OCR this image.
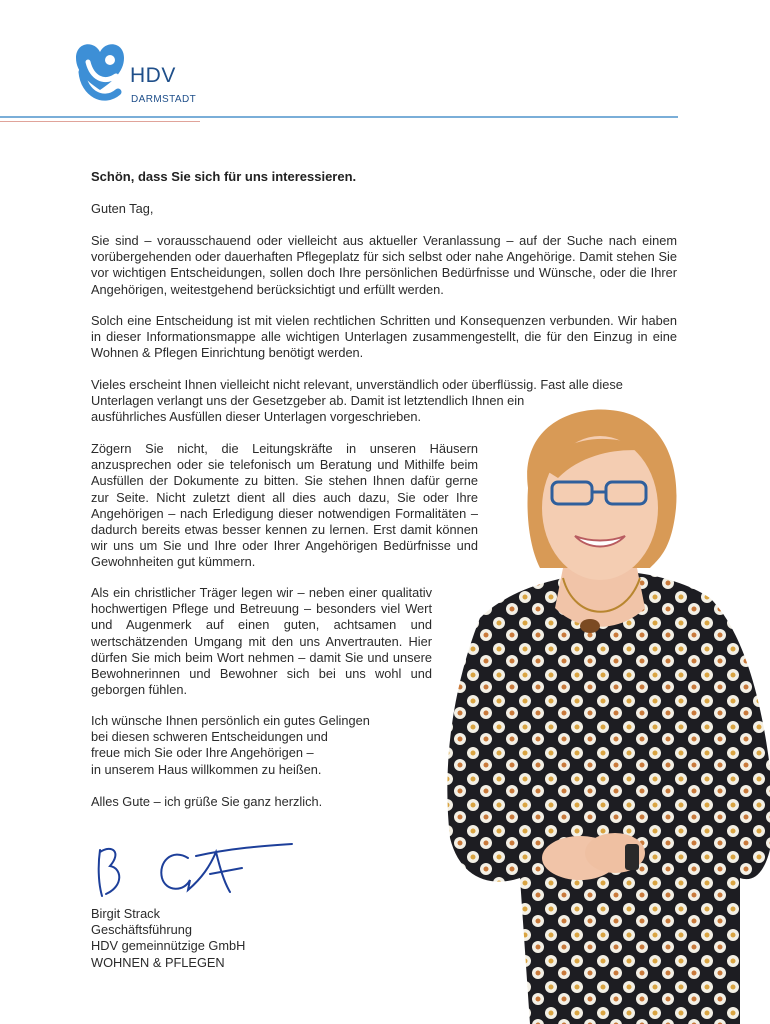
HDV
DARMSTADT
Schön, dass Sie sich für uns interessieren.
Guten Tag,

Sie sind – vorausschauend oder vielleicht aus aktueller Veranlassung – auf der Suche nach einem vorübergehenden oder dauerhaften Pflegeplatz für sich selbst oder nahe Angehörige. Damit stehen Sie vor wichtigen Entscheidungen, sollen doch Ihre persönlichen Bedürfnisse und Wünsche, oder die Ihrer Angehörigen, weitestgehend berücksichtigt und erfüllt werden.

Solch eine Entscheidung ist mit vielen rechtlichen Schritten und Konsequenzen verbunden. Wir haben in dieser Informationsmappe alle wichtigen Unterlagen zusammengestellt, die für den Einzug in eine Wohnen & Pflegen Einrichtung benötigt werden.

Vieles erscheint Ihnen vielleicht nicht relevant, unverständlich oder überflüssig. Fast alle diese
Unterlagen verlangt uns der Gesetzgeber ab. Damit ist letztendlich Ihnen ein ausführliches Ausfüllen dieser Unterlagen vorgeschrieben.

Zögern Sie nicht, die Leitungskräfte in unseren Häusern anzusprechen oder sie telefonisch um Beratung und Mithilfe beim Ausfüllen der Dokumente zu bitten. Sie stehen Ihnen dafür gerne zur Seite. Nicht zuletzt dient all dies auch dazu, Sie oder Ihre Angehörigen – nach Erledigung dieser notwendigen Formalitäten – dadurch bereits etwas besser kennen zu lernen. Erst damit können wir uns um Sie und Ihre oder Ihrer Angehörigen Bedürfnisse und Gewohnheiten gut kümmern.

Als ein christlicher Träger legen wir – neben einer qualitativ hochwertigen Pflege und Betreuung – besonders viel Wert und Augenmerk auf einen guten, achtsamen und wertschätzenden Umgang mit den uns Anvertrauten. Hier dürfen Sie mich beim Wort nehmen – damit Sie und unsere Bewohnerinnen und Bewohner sich bei uns wohl und geborgen fühlen.

Ich wünsche Ihnen persönlich ein gutes Gelingen
bei diesen schweren Entscheidungen und
freue mich Sie oder Ihre Angehörigen –
in unserem Haus willkommen zu heißen.
Alles Gute – ich grüße Sie ganz herzlich.
Birgit Strack
Geschäftsführung
HDV gemeinnützige GmbH
WOHNEN & PFLEGEN
